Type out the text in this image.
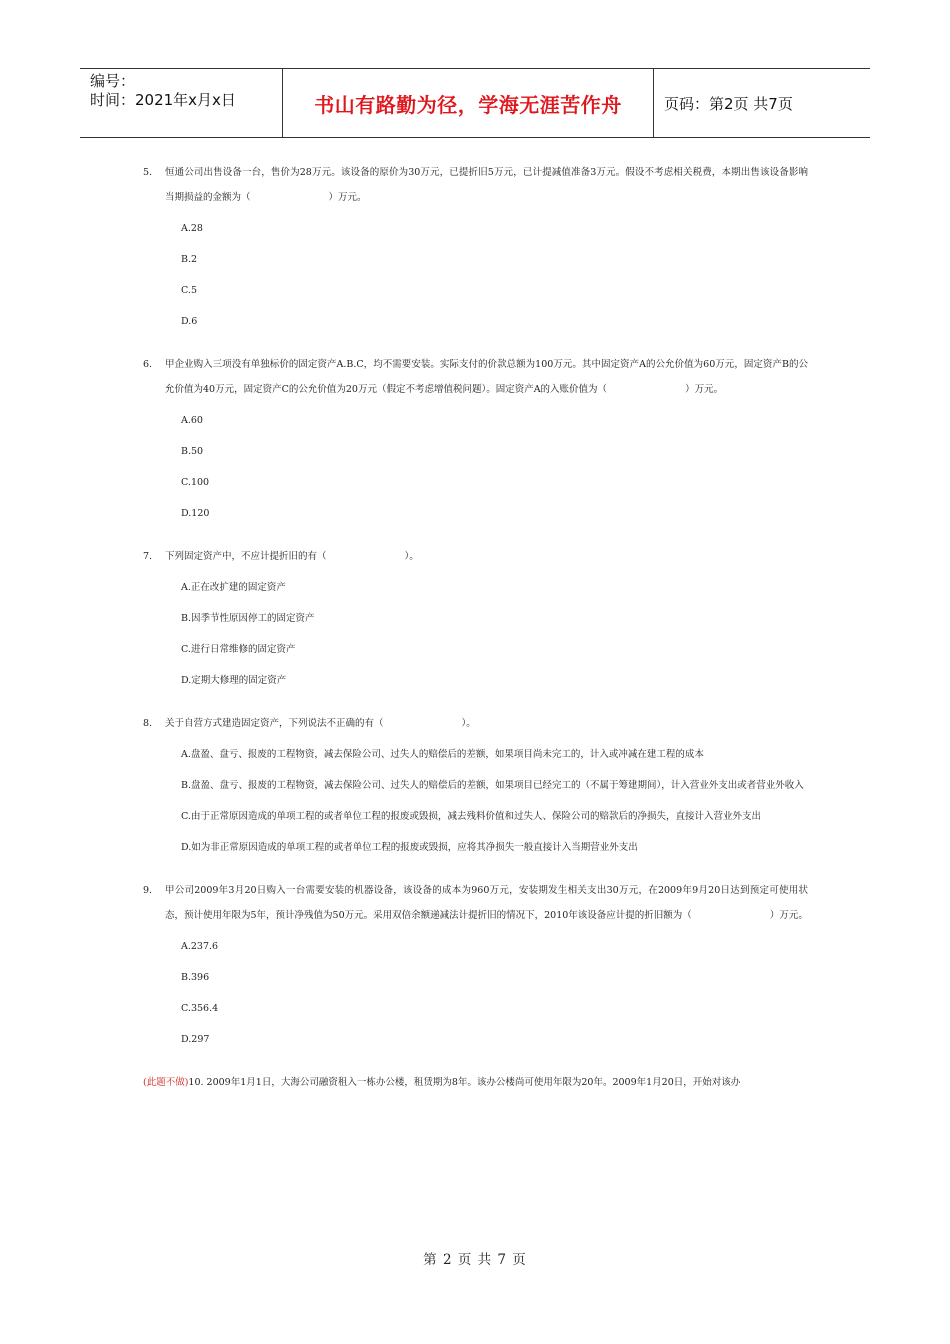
编号：
时间：2021年x月x日	书山有路勤为径，学海无涯苦作舟	页码：第2页 共7页
5. 恒通公司出售设备一台，售价为28万元。该设备的原价为30万元，已提折旧5万元，已计提减值准备3万元。假设不考虑相关税费，本期出售该设备影响当期损益的金额为（	）万元。
A.28
B.2
C.5
D.6
6. 甲企业购入三项没有单独标价的固定资产A.B.C，均不需要安装。实际支付的价款总额为100万元。其中固定资产A的公允价值为60万元，固定资产B的公允价值为40万元，固定资产C的公允价值为20万元（假定不考虑增值税问题）。固定资产A的入账价值为（	）万元。
A.60
B.50
C.100
D.120
7. 下列固定资产中，不应计提折旧的有（	）。
A.正在改扩建的固定资产
B.因季节性原因停工的固定资产
C.进行日常维修的固定资产
D.定期大修理的固定资产
8. 关于自营方式建造固定资产，下列说法不正确的有（	）。
A.盘盈、盘亏、报废的工程物资，减去保险公司、过失人的赔偿后的差额，如果项目尚未完工的，计入或冲减在建工程的成本
B.盘盈、盘亏、报废的工程物资，减去保险公司、过失人的赔偿后的差额，如果项目已经完工的（不属于筹建期间），计入营业外支出或者营业外收入
C.由于正常原因造成的单项工程的或者单位工程的报废或毁损，减去残料价值和过失人、保险公司的赔款后的净损失，直接计入营业外支出
D.如为非正常原因造成的单项工程的或者单位工程的报废或毁损，应将其净损失一般直接计入当期营业外支出
9. 甲公司2009年3月20日购入一台需要安装的机器设备，该设备的成本为960万元，安装期发生相关支出30万元，在2009年9月20日达到预定可使用状态，预计使用年限为5年，预计净残值为50万元。采用双倍余额递减法计提折旧的情况下，2010年该设备应计提的折旧额为（	）万元。
A.237.6
B.396
C.356.4
D.297
(此题不做)10. 2009年1月1日，大海公司融资租入一栋办公楼，租赁期为8年。该办公楼尚可使用年限为20年。2009年1月20日，开始对该办
第 2 页 共 7 页
